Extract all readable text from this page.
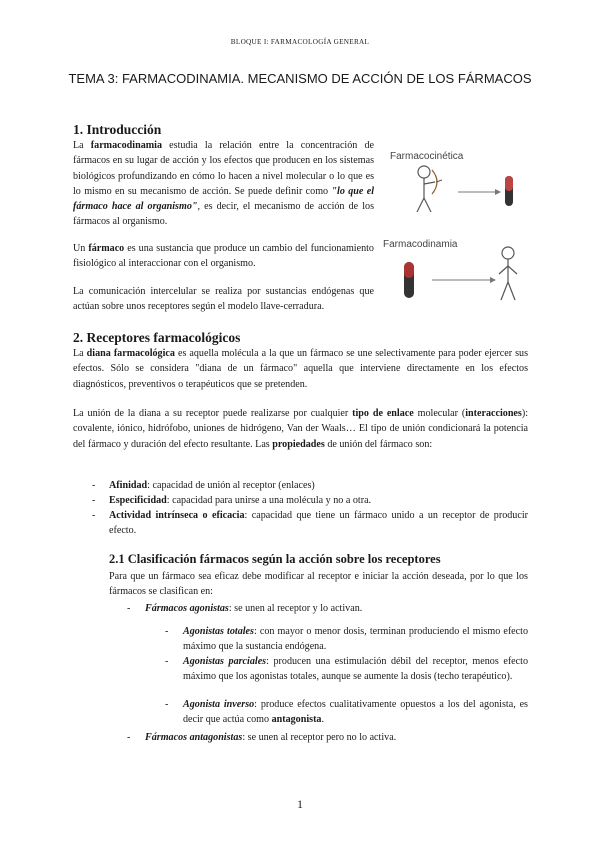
BLOQUE I: FARMACOLOGÍA GENERAL
TEMA 3: FARMACODINAMIA. MECANISMO DE ACCIÓN DE LOS FÁRMACOS
1. Introducción
La farmacodinamia estudia la relación entre la concentración de fármacos en su lugar de acción y los efectos que producen en los sistemas biológicos profundizando en cómo lo hacen a nivel molecular o lo que es lo mismo en su mecanismo de acción. Se puede definir como "lo que el fármaco hace al organismo", es decir, el mecanismo de acción de los fármacos al organismo.
Un fármaco es una sustancia que produce un cambio del funcionamiento fisiológico al interaccionar con el organismo.
La comunicación intercelular se realiza por sustancias endógenas que actúan sobre unos receptores según el modelo llave-cerradura.
Farmacocinética
Farmacodinamia
2. Receptores farmacológicos
La diana farmacológica es aquella molécula a la que un fármaco se une selectivamente para poder ejercer sus efectos. Sólo se considera "diana de un fármaco" aquella que interviene directamente en los efectos diagnósticos, preventivos o terapéuticos que se pretenden.
La unión de la diana a su receptor puede realizarse por cualquier tipo de enlace molecular (interacciones): covalente, iónico, hidrófobo, uniones de hidrógeno, Van der Waals… El tipo de unión condicionará la potencia del fármaco y duración del efecto resultante. Las propiedades de unión del fármaco son:
- Afinidad: capacidad de unión al receptor (enlaces)
- Especificidad: capacidad para unirse a una molécula y no a otra.
- Actividad intrínseca o eficacia: capacidad que tiene un fármaco unido a un receptor de producir efecto.
2.1 Clasificación fármacos según la acción sobre los receptores
Para que un fármaco sea eficaz debe modificar al receptor e iniciar la acción deseada, por lo que los fármacos se clasifican en:
- Fármacos agonistas: se unen al receptor y lo activan.
- Agonistas totales: con mayor o menor dosis, terminan produciendo el mismo efecto máximo que la sustancia endógena.
- Agonistas parciales: producen una estimulación débil del receptor, menos efecto máximo que los agonistas totales, aunque se aumente la dosis (techo terapéutico).
- Agonista inverso: produce efectos cualitativamente opuestos a los del agonista, es decir que actúa como antagonista.
- Fármacos antagonistas: se unen al receptor pero no lo activa.
1
